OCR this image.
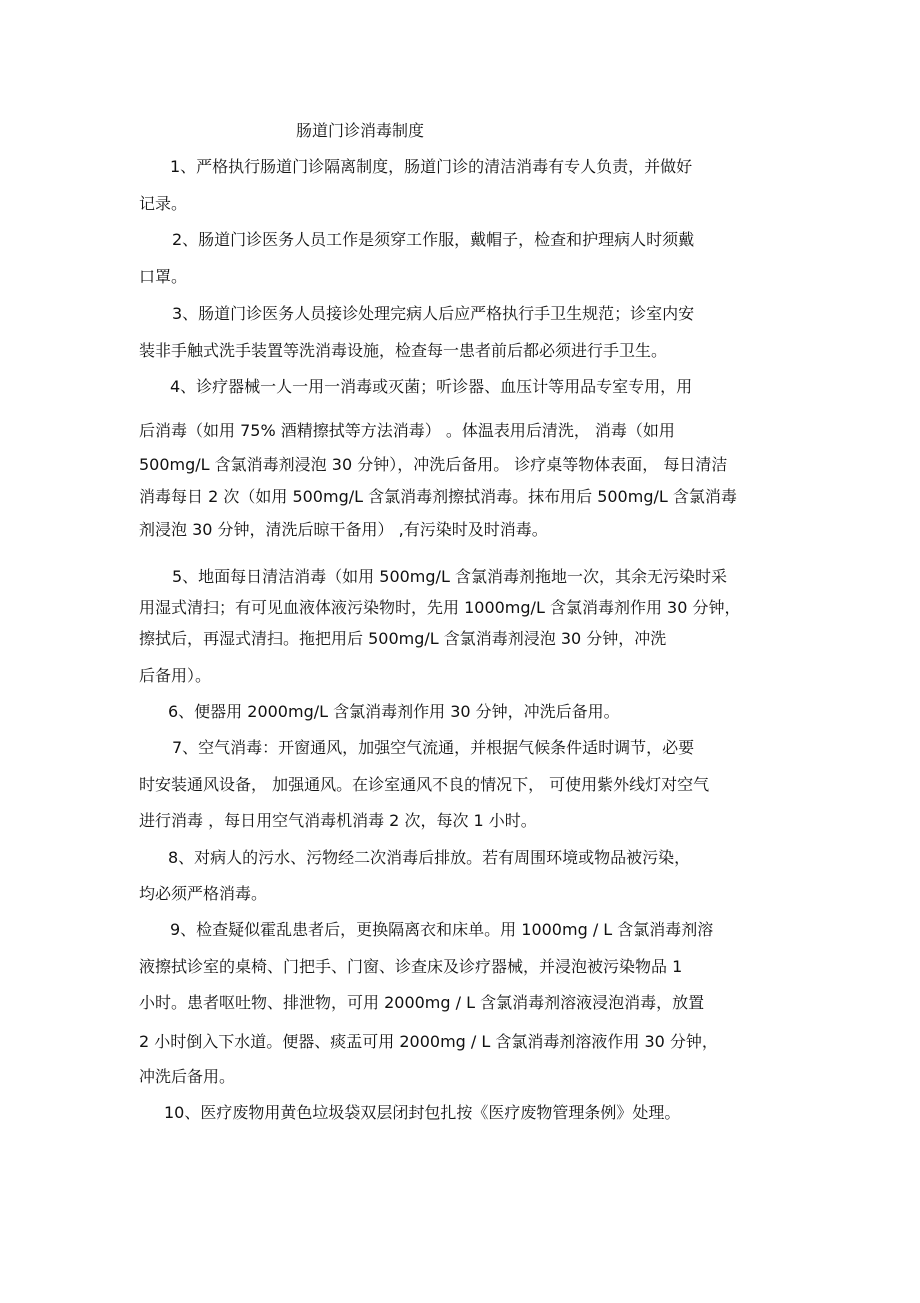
肠道门诊消毒制度
1、严格执行肠道门诊隔离制度，肠道门诊的清洁消毒有专人负责，并做好
记录。
2、肠道门诊医务人员工作是须穿工作服，戴帽子，检查和护理病人时须戴
口罩。
3、肠道门诊医务人员接诊处理完病人后应严格执行手卫生规范；诊室内安
装非手触式洗手装置等洗消毒设施，检查每一患者前后都必须进行手卫生。
4、诊疗器械一人一用一消毒或灭菌；听诊器、血压计等用品专室专用，用
后消毒（如用 75% 酒精擦拭等方法消毒） 。体温表用后清洗， 消毒（如用
500mg/L 含氯消毒剂浸泡 30 分钟），冲洗后备用。 诊疗桌等物体表面， 每日清洁
消毒每日 2 次（如用 500mg/L 含氯消毒剂擦拭消毒。抹布用后 500mg/L 含氯消毒
剂浸泡 30 分钟，清洗后晾干备用） ,有污染时及时消毒。
5、地面每日清洁消毒（如用 500mg/L 含氯消毒剂拖地一次，其余无污染时采
用湿式清扫；有可见血液体液污染物时，先用 1000mg/L 含氯消毒剂作用 30 分钟，
擦拭后，再湿式清扫。拖把用后 500mg/L 含氯消毒剂浸泡 30 分钟，冲洗
后备用）。
6、便器用 2000mg/L 含氯消毒剂作用 30 分钟，冲洗后备用。
7、空气消毒：开窗通风，加强空气流通，并根据气候条件适时调节，必要
时安装通风设备， 加强通风。在诊室通风不良的情况下， 可使用紫外线灯对空气
进行消毒 ，每日用空气消毒机消毒 2 次，每次 1 小时。
8、对病人的污水、污物经二次消毒后排放。若有周围环境或物品被污染，
均必须严格消毒。
9、检查疑似霍乱患者后，更换隔离衣和床单。用 1000mg / L 含氯消毒剂溶
液擦拭诊室的桌椅、门把手、门窗、诊查床及诊疗器械，并浸泡被污染物品 1
小时。患者呕吐物、排泄物，可用 2000mg / L 含氯消毒剂溶液浸泡消毒，放置
2 小时倒入下水道。便器、痰盂可用 2000mg / L 含氯消毒剂溶液作用 30 分钟，
冲洗后备用。
10、医疗废物用黄色垃圾袋双层闭封包扎按《医疗废物管理条例》处理。
